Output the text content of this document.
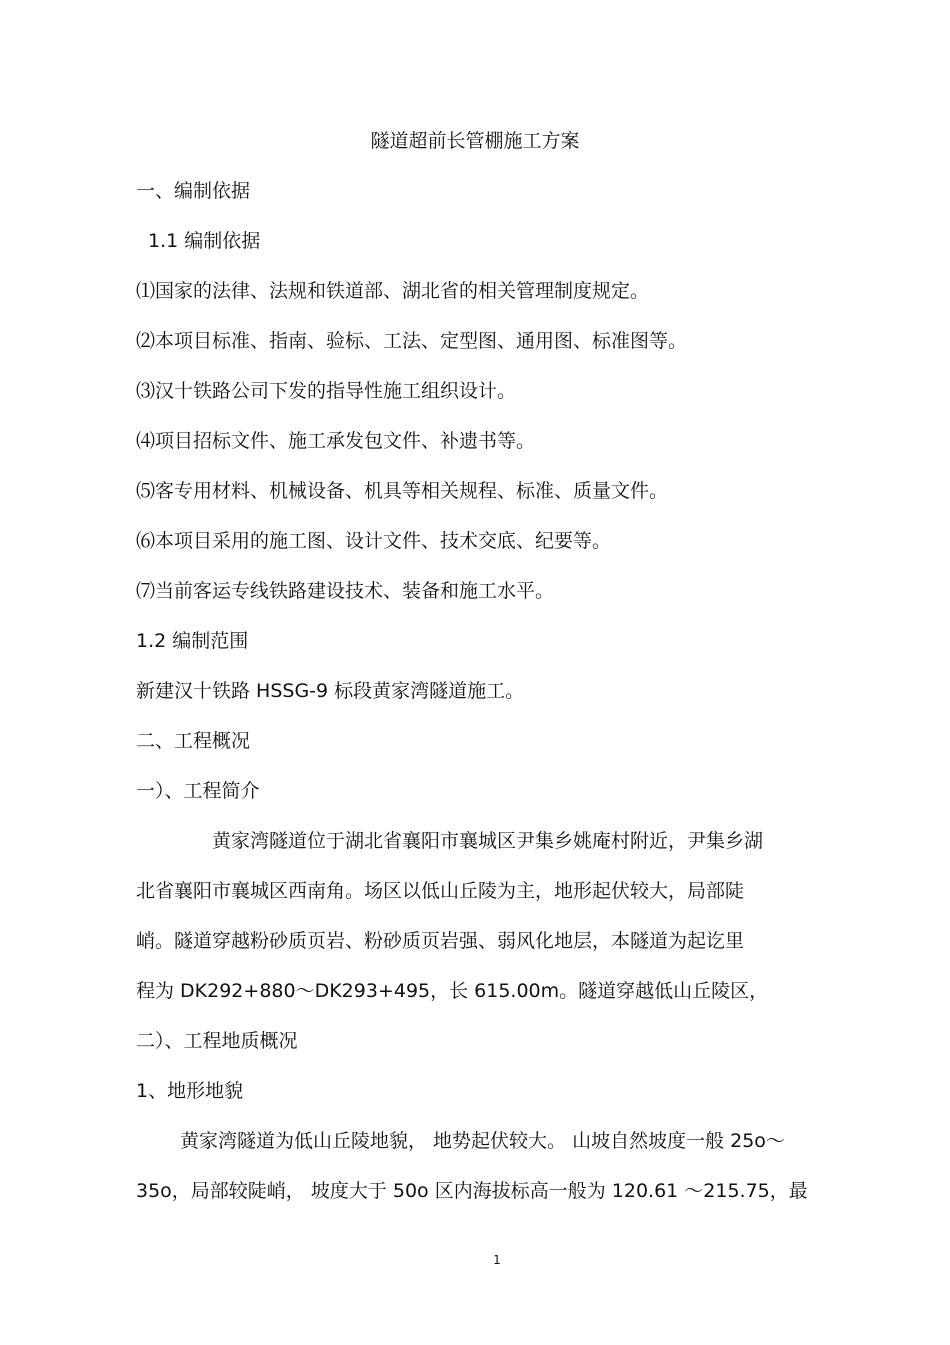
隧道超前长管棚施工方案
一、编制依据
1.1 编制依据
⑴国家的法律、法规和铁道部、湖北省的相关管理制度规定。
⑵本项目标准、指南、验标、工法、定型图、通用图、标准图等。
⑶汉十铁路公司下发的指导性施工组织设计。
⑷项目招标文件、施工承发包文件、补遗书等。
⑸客专用材料、机械设备、机具等相关规程、标准、质量文件。
⑹本项目采用的施工图、设计文件、技术交底、纪要等。
⑺当前客运专线铁路建设技术、装备和施工水平。
1.2 编制范围
新建汉十铁路 HSSG-9 标段黄家湾隧道施工。
二、工程概况
一）、工程简介
黄家湾隧道位于湖北省襄阳市襄城区尹集乡姚庵村附近，尹集乡湖
北省襄阳市襄城区西南角。场区以低山丘陵为主，地形起伏较大，局部陡
峭。隧道穿越粉砂质页岩、粉砂质页岩强、弱风化地层，本隧道为起讫里
程为 DK292+880～DK293+495，长 615.00m。隧道穿越低山丘陵区，
二）、工程地质概况
1、地形地貌
黄家湾隧道为低山丘陵地貌， 地势起伏较大。 山坡自然坡度一般 25o～
35o，局部较陡峭， 坡度大于 50o 区内海拔标高一般为 120.61 ～215.75，最
1
